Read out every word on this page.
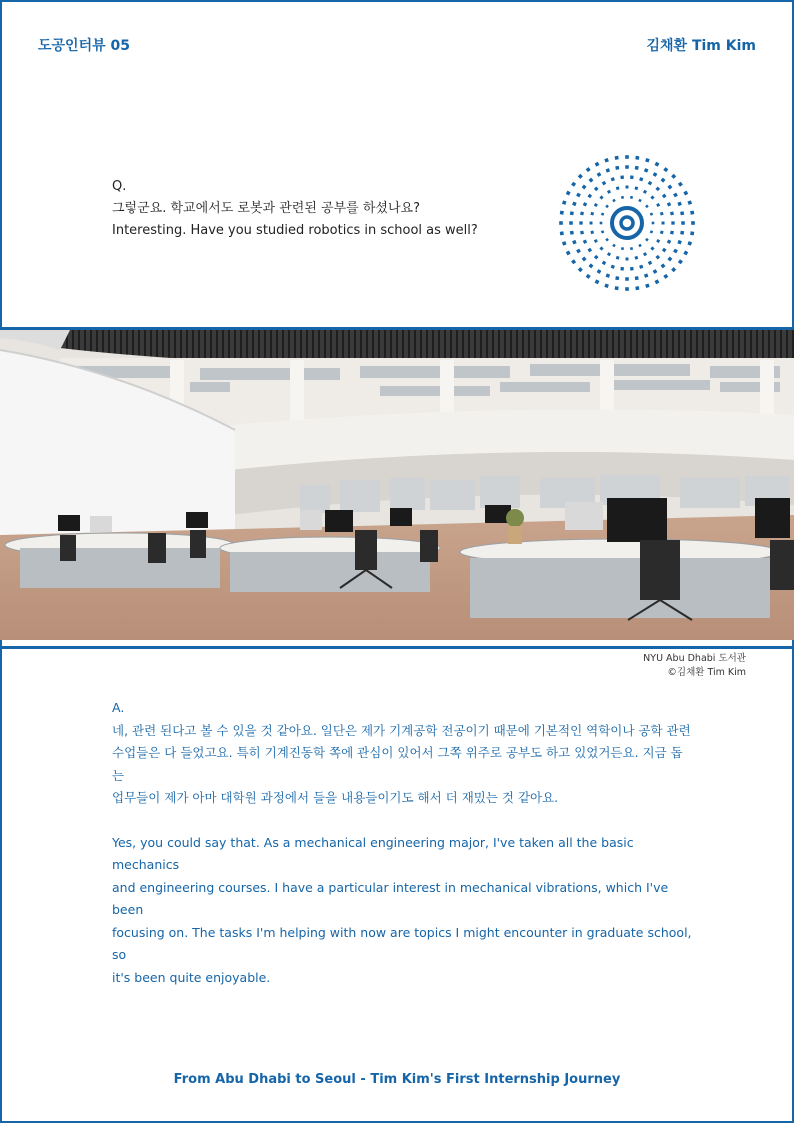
도공인터뷰 05	김채환 Tim Kim
Q.
그렇군요. 학교에서도 로봇과 관련된 공부를 하셨나요?
Interesting. Have you studied robotics in school as well?
NYU Abu Dhabi 도서관
©김채환 Tim Kim

A.

네, 관련 된다고 볼 수 있을 것 같아요. 일단은 제가 기계공학 전공이기 때문에 기본적인 역학이나 공학 관련

수업들은 다 들었고요. 특히 기계진동학 쪽에 관심이 있어서 그쪽 위주로 공부도 하고 있었거든요. 지금 돕는

업무들이 제가 아마 대학원 과정에서 들을 내용들이기도 해서 더 재밌는 것 같아요.

Yes, you could say that. As a mechanical engineering major, I've taken all the basic mechanics

and engineering courses. I have a particular interest in mechanical vibrations, which I've been

focusing on. The tasks I'm helping with now are topics I might encounter in graduate school, so

it's been quite enjoyable.

From Abu Dhabi to Seoul - Tim Kim's First Internship Journey
